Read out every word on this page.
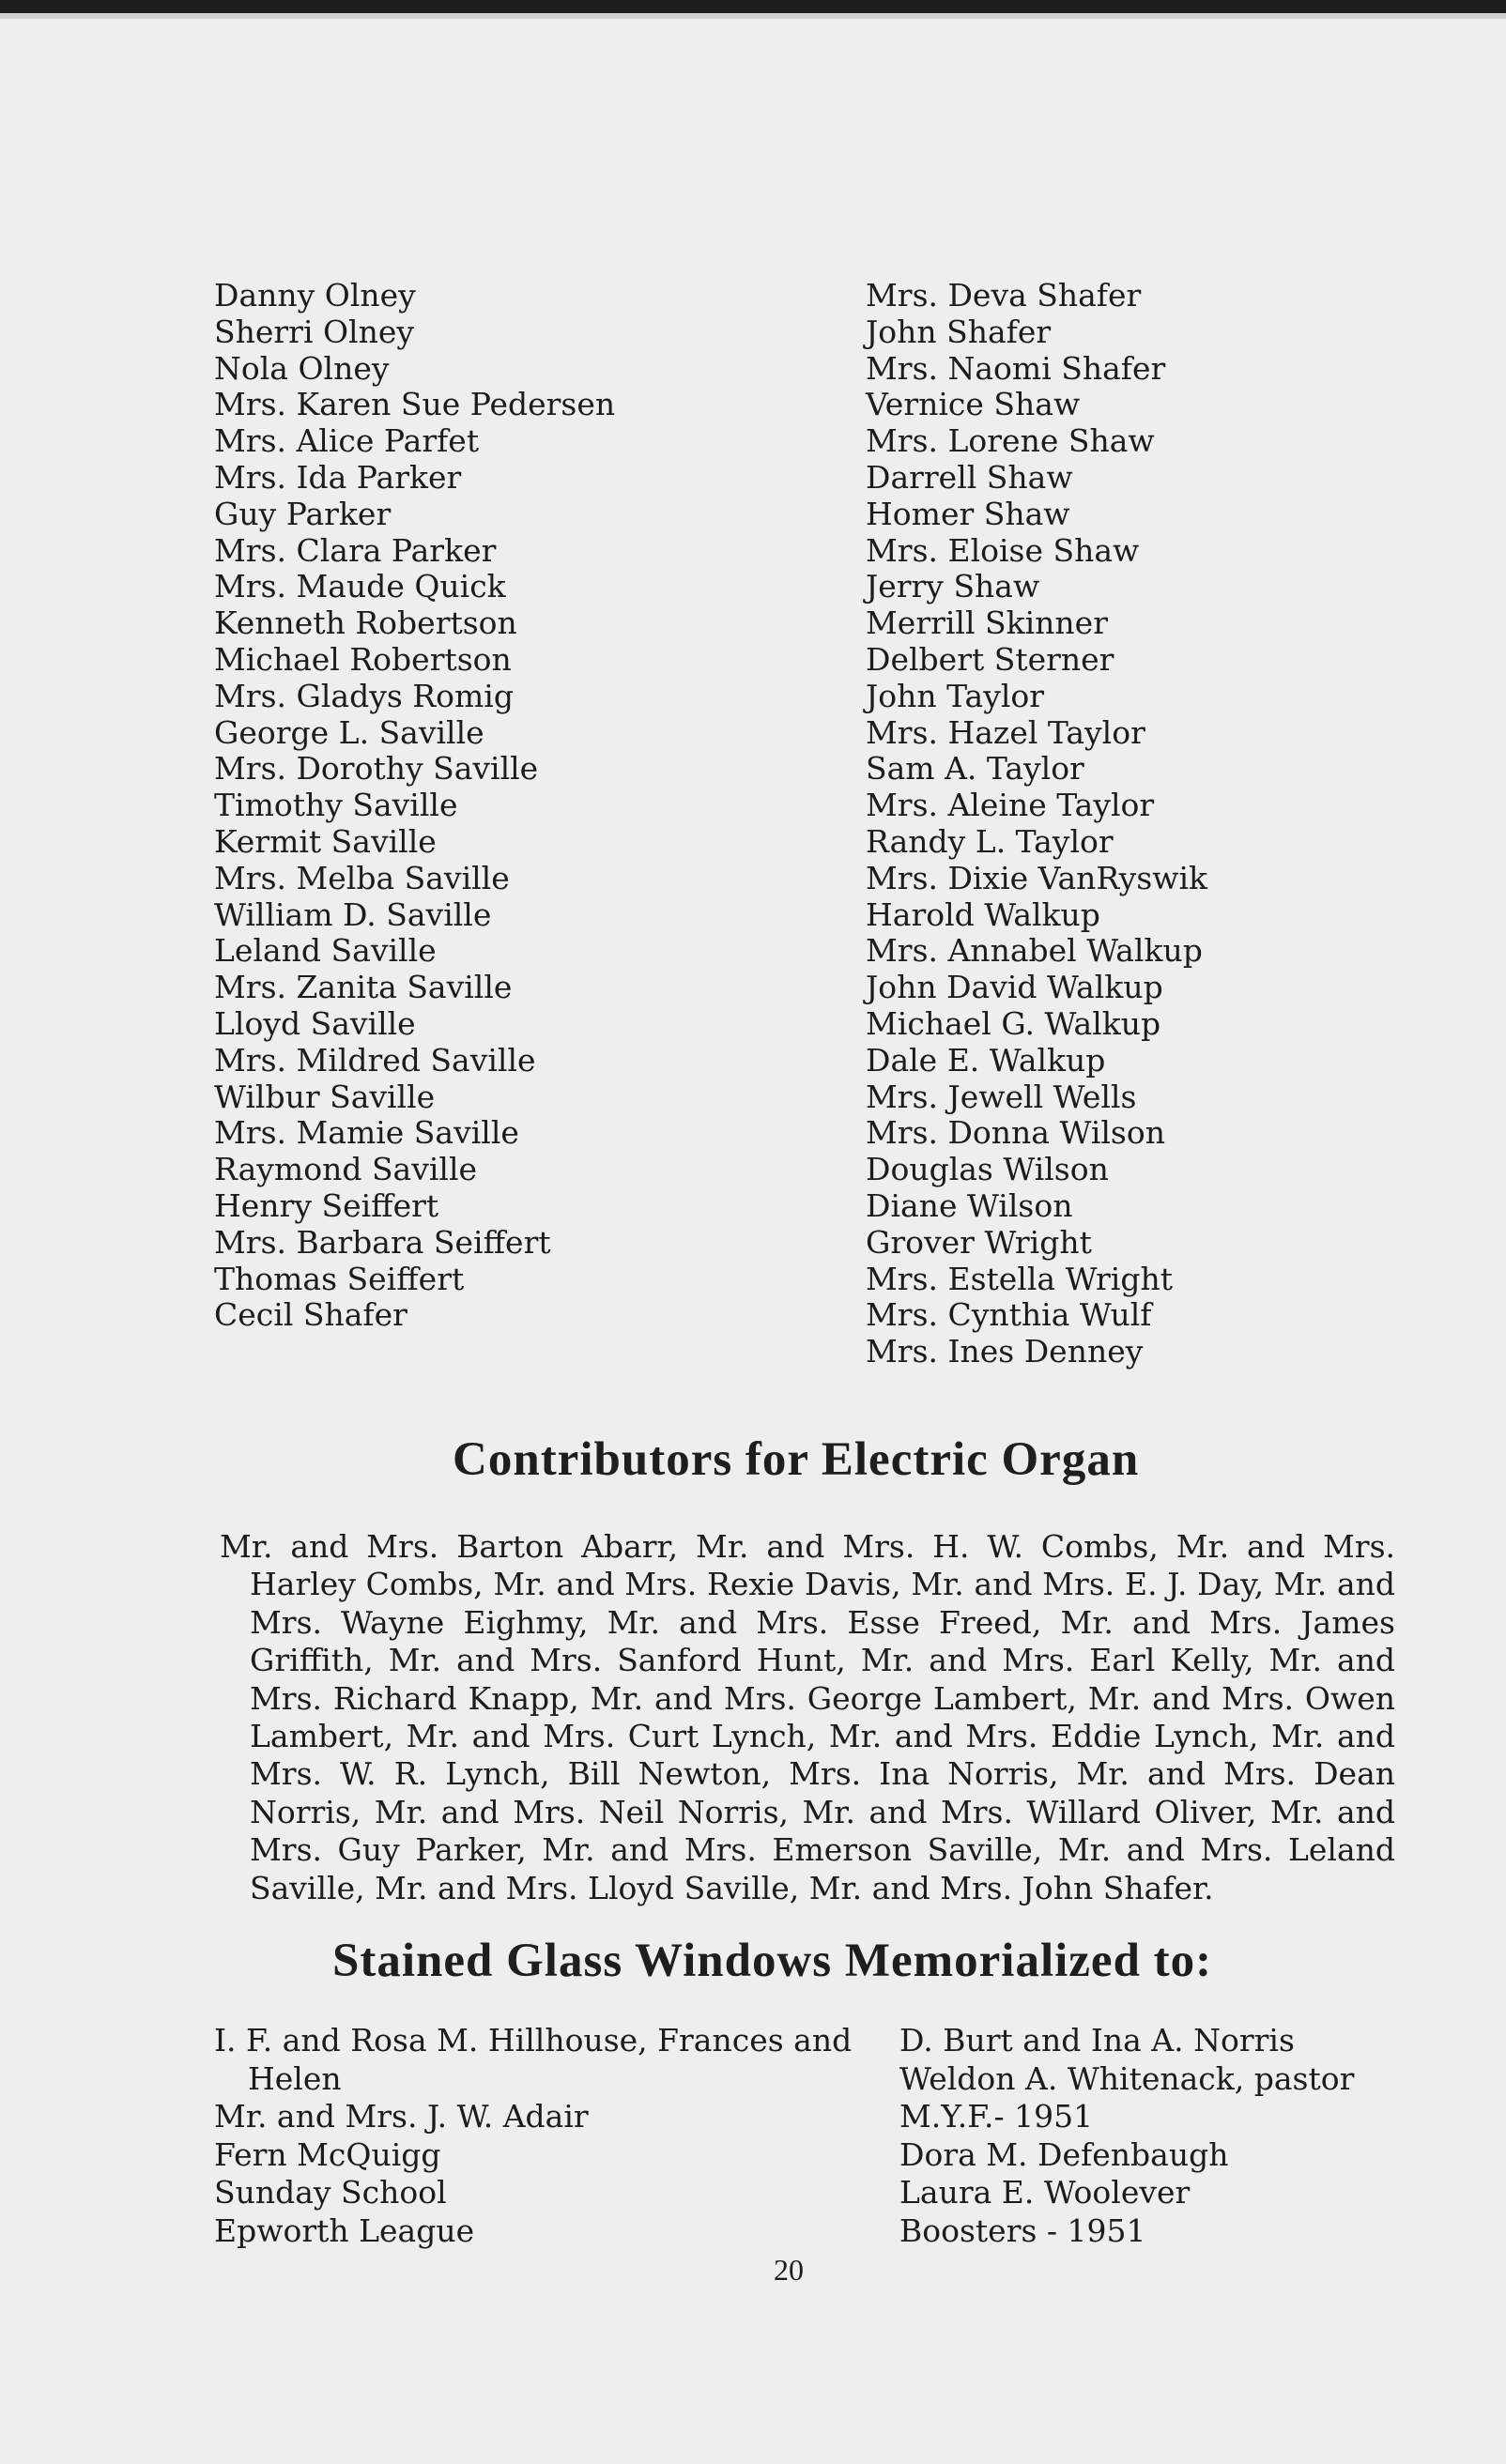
Danny Olney
Sherri Olney
Nola Olney
Mrs. Karen Sue Pedersen
Mrs. Alice Parfet
Mrs. Ida Parker
Guy Parker
Mrs. Clara Parker
Mrs. Maude Quick
Kenneth Robertson
Michael Robertson
Mrs. Gladys Romig
George L. Saville
Mrs. Dorothy Saville
Timothy Saville
Kermit Saville
Mrs. Melba Saville
William D. Saville
Leland Saville
Mrs. Zanita Saville
Lloyd Saville
Mrs. Mildred Saville
Wilbur Saville
Mrs. Mamie Saville
Raymond Saville
Henry Seiffert
Mrs. Barbara Seiffert
Thomas Seiffert
Cecil Shafer
Mrs. Deva Shafer
John Shafer
Mrs. Naomi Shafer
Vernice Shaw
Mrs. Lorene Shaw
Darrell Shaw
Homer Shaw
Mrs. Eloise Shaw
Jerry Shaw
Merrill Skinner
Delbert Sterner
John Taylor
Mrs. Hazel Taylor
Sam A. Taylor
Mrs. Aleine Taylor
Randy L. Taylor
Mrs. Dixie VanRyswik
Harold Walkup
Mrs. Annabel Walkup
John David Walkup
Michael G. Walkup
Dale E. Walkup
Mrs. Jewell Wells
Mrs. Donna Wilson
Douglas Wilson
Diane Wilson
Grover Wright
Mrs. Estella Wright
Mrs. Cynthia Wulf
Mrs. Ines Denney
Contributors for Electric Organ

Mr. and Mrs. Barton Abarr, Mr. and Mrs. H. W. Combs, Mr. and Mrs. Harley Combs, Mr. and Mrs. Rexie Davis, Mr. and Mrs. E. J. Day, Mr. and Mrs. Wayne Eighmy, Mr. and Mrs. Esse Freed, Mr. and Mrs. James Griffith, Mr. and Mrs. Sanford Hunt, Mr. and Mrs. Earl Kelly, Mr. and Mrs. Richard Knapp, Mr. and Mrs. George Lambert, Mr. and Mrs. Owen Lambert, Mr. and Mrs. Curt Lynch, Mr. and Mrs. Eddie Lynch, Mr. and Mrs. W. R. Lynch, Bill Newton, Mrs. Ina Norris, Mr. and Mrs. Dean Norris, Mr. and Mrs. Neil Norris, Mr. and Mrs. Willard Oliver, Mr. and Mrs. Guy Parker, Mr. and Mrs. Emerson Saville, Mr. and Mrs. Leland Saville, Mr. and Mrs. Lloyd Saville, Mr. and Mrs. John Shafer.

Stained Glass Windows Memorialized to:
I. F. and Rosa M. Hillhouse, Frances and Helen
Mr. and Mrs. J. W. Adair
Fern McQuigg
Sunday School
Epworth League
D. Burt and Ina A. Norris
Weldon A. Whitenack, pastor
M.Y.F.- 1951
Dora M. Defenbaugh
Laura E. Woolever
Boosters - 1951
20
